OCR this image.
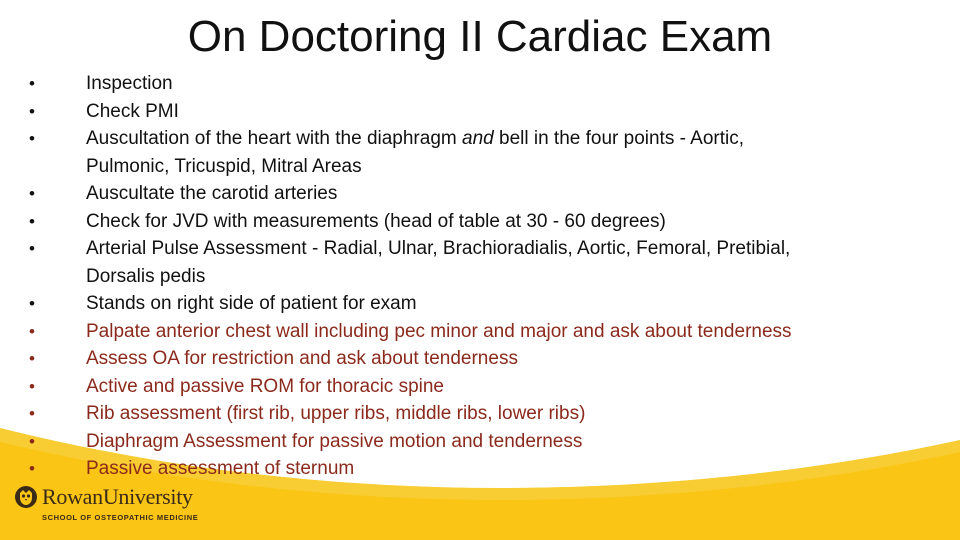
On Doctoring II Cardiac Exam
•	Inspection
•	Check PMI
•	Auscultation of the heart with the diaphragm and bell in the four points - Aortic,
Pulmonic, Tricuspid, Mitral Areas
•	Auscultate the carotid arteries
•	Check for JVD with measurements (head of table at 30 - 60 degrees)
•	Arterial Pulse Assessment - Radial, Ulnar, Brachioradialis, Aortic, Femoral, Pretibial,
Dorsalis pedis
•	Stands on right side of patient for exam
•	Palpate anterior chest wall including pec minor and major and ask about tenderness
•	Assess OA for restriction and ask about tenderness
•	Active and passive ROM for thoracic spine
•	Rib assessment (first rib, upper ribs, middle ribs, lower ribs)
•	Diaphragm Assessment for passive motion and tenderness
•	Passive assessment of sternum
RowanUniversity
SCHOOL OF OSTEOPATHIC MEDICINE
